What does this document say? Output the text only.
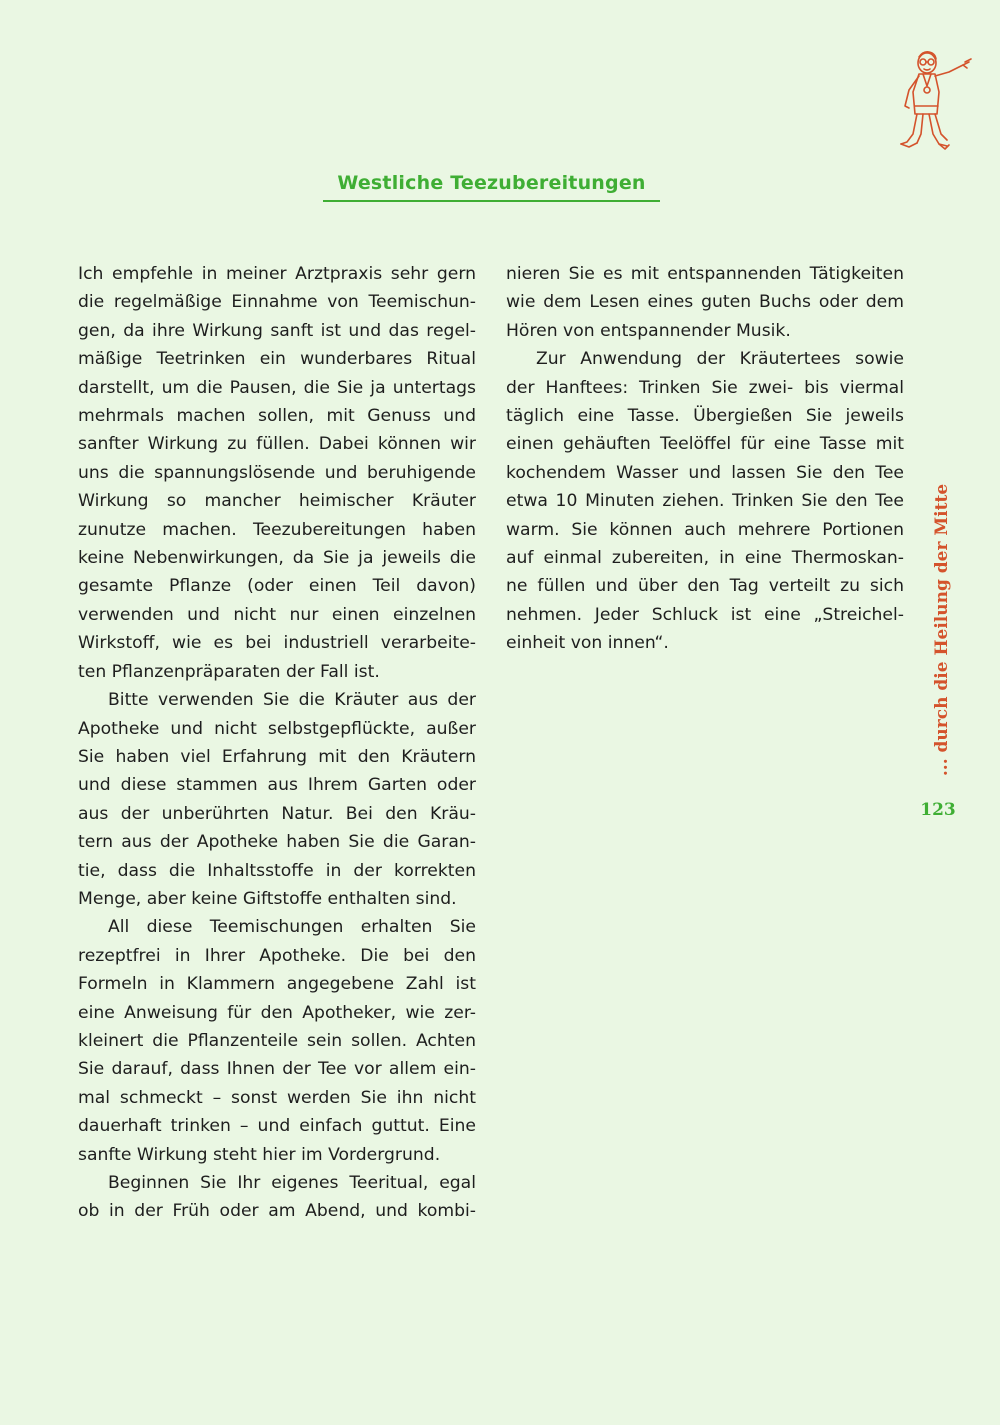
Westliche Teezubereitungen

Ich empfehle in meiner Arztpraxis sehr gern
die regelmäßige Einnahme von Teemischun-
gen, da ihre Wirkung sanft ist und das regel-
mäßige Teetrinken ein wunderbares Ritual
darstellt, um die Pausen, die Sie ja untertags
mehrmals machen sollen, mit Genuss und
sanfter Wirkung zu füllen. Dabei können wir
uns die spannungslösende und beruhigende
Wirkung so mancher heimischer Kräuter
zunutze machen. Teezubereitungen haben
keine Nebenwirkungen, da Sie ja jeweils die
gesamte Pflanze (oder einen Teil davon)
verwenden und nicht nur einen einzelnen
Wirkstoff, wie es bei industriell verarbeite-
ten Pflanzenpräparaten der Fall ist.

Bitte verwenden Sie die Kräuter aus der
Apotheke und nicht selbstgepflückte, außer
Sie haben viel Erfahrung mit den Kräutern
und diese stammen aus Ihrem Garten oder
aus der unberührten Natur. Bei den Kräu-
tern aus der Apotheke haben Sie die Garan-
tie, dass die Inhaltsstoffe in der korrekten
Menge, aber keine Giftstoffe enthalten sind.

All diese Teemischungen erhalten Sie
rezeptfrei in Ihrer Apotheke. Die bei den
Formeln in Klammern angegebene Zahl ist
eine Anweisung für den Apotheker, wie zer-
kleinert die Pflanzenteile sein sollen. Achten
Sie darauf, dass Ihnen der Tee vor allem ein-
mal schmeckt – sonst werden Sie ihn nicht
dauerhaft trinken – und einfach guttut. Eine
sanfte Wirkung steht hier im Vordergrund.

Beginnen Sie Ihr eigenes Teeritual, egal
ob in der Früh oder am Abend, und kombi-

nieren Sie es mit entspannenden Tätigkeiten
wie dem Lesen eines guten Buchs oder dem
Hören von entspannender Musik.

Zur Anwendung der Kräutertees sowie
der Hanftees: Trinken Sie zwei- bis viermal
täglich eine Tasse. Übergießen Sie jeweils
einen gehäuften Teelöffel für eine Tasse mit
kochendem Wasser und lassen Sie den Tee
etwa 10 Minuten ziehen. Trinken Sie den Tee
warm. Sie können auch mehrere Portionen
auf einmal zubereiten, in eine Thermoskan-
ne füllen und über den Tag verteilt zu sich
nehmen. Jeder Schluck ist eine „Streichel-
einheit von innen“.	... durch die Heilung der Mitte
123
